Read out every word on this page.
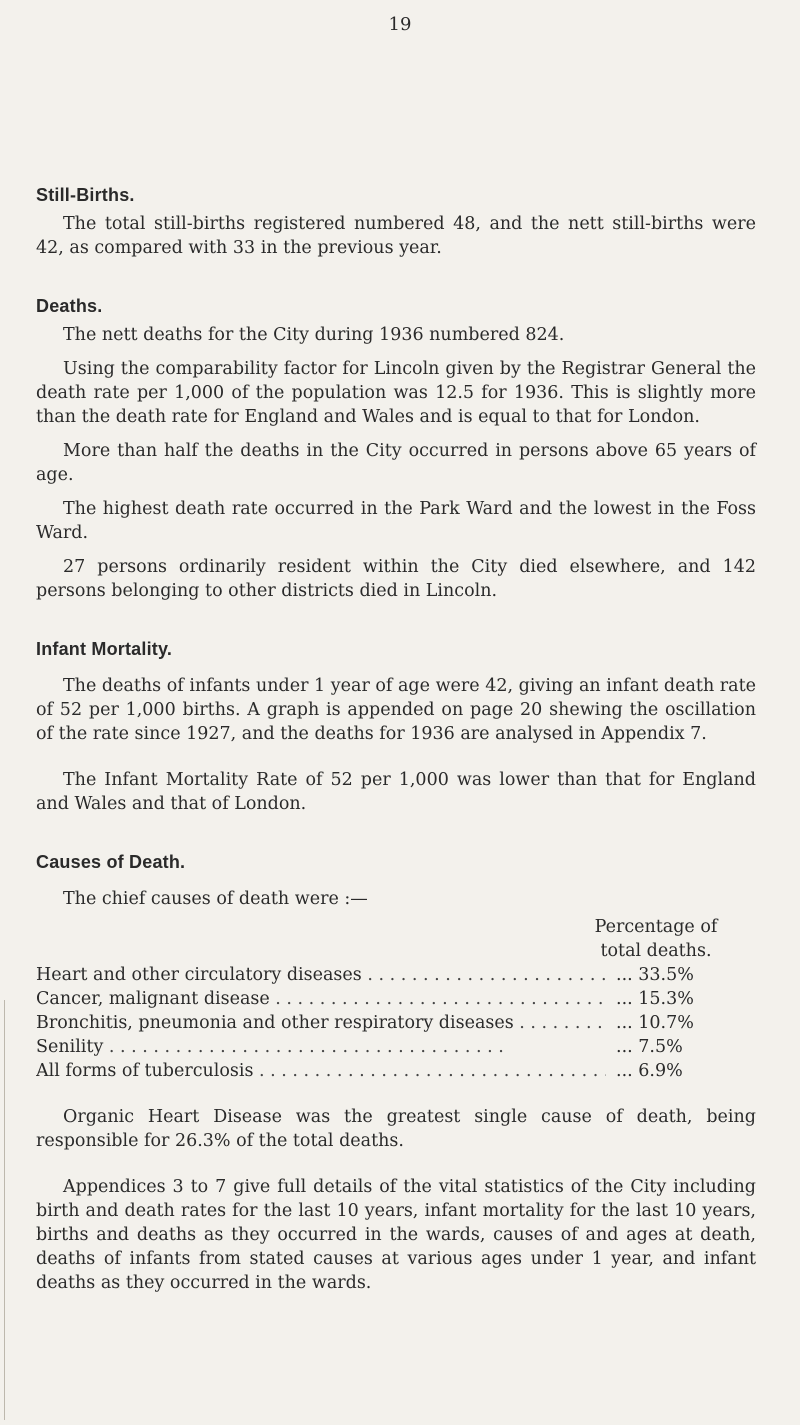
19
Still-Births.

The total still-births registered numbered 48, and the nett still-births were 42, as compared with 33 in the previous year.

Deaths.

The nett deaths for the City during 1936 numbered 824.

Using the comparability factor for Lincoln given by the Registrar General the death rate per 1,000 of the population was 12.5 for 1936. This is slightly more than the death rate for England and Wales and is equal to that for London.

More than half the deaths in the City occurred in persons above 65 years of age.

The highest death rate occurred in the Park Ward and the lowest in the Foss Ward.

27 persons ordinarily resident within the City died elsewhere, and 142 persons belonging to other districts died in Lincoln.

Infant Mortality.

The deaths of infants under 1 year of age were 42, giving an infant death rate of 52 per 1,000 births. A graph is appended on page 20 shewing the oscillation of the rate since 1927, and the deaths for 1936 are analysed in Appendix 7.

The Infant Mortality Rate of 52 per 1,000 was lower than that for England and Wales and that of London.

Causes of Death.

The chief causes of death were :—

Percentage of
total deaths.
Heart and other circulatory diseases . . .	... 33.5%
Cancer, malignant disease . . .	... 15.3%
Bronchitis, pneumonia and other respiratory diseases . . .	... 10.7%
Senility . . .	... 7.5%
All forms of tuberculosis . . .	... 6.9%

Organic Heart Disease was the greatest single cause of death, being responsible for 26.3% of the total deaths.

Appendices 3 to 7 give full details of the vital statistics of the City including birth and death rates for the last 10 years, infant mortality for the last 10 years, births and deaths as they occurred in the wards, causes of and ages at death, deaths of infants from stated causes at various ages under 1 year, and infant deaths as they occurred in the wards.
